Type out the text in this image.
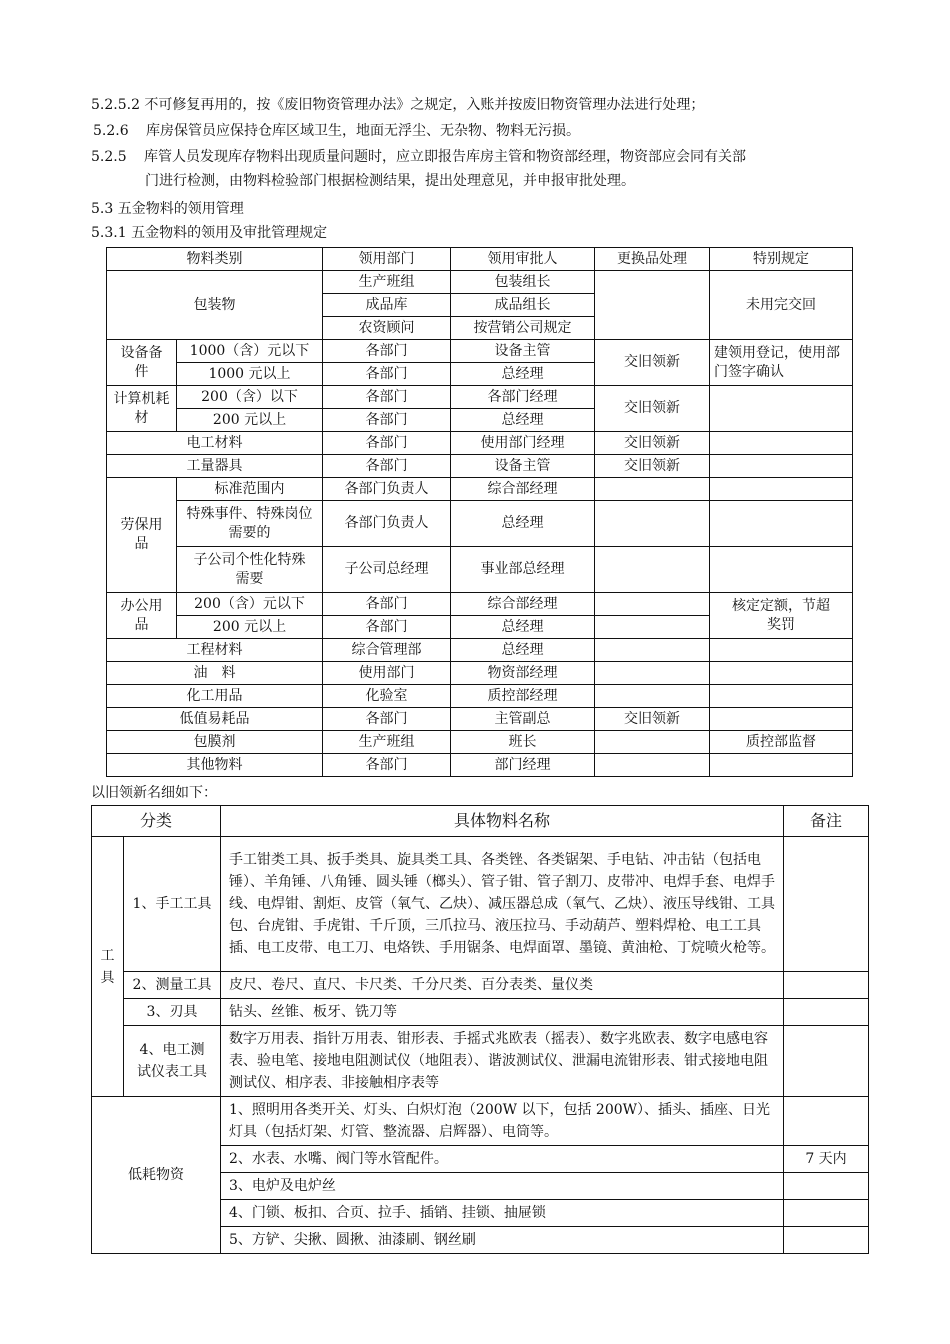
5.2.5.2 不可修复再用的，按《废旧物资管理办法》之规定，入账并按废旧物资管理办法进行处理；
5.2.6 库房保管员应保持仓库区域卫生，地面无浮尘、无杂物、物料无污损。
5.2.5 库管人员发现库存物料出现质量问题时，应立即报告库房主管和物资部经理，物资部应会同有关部
门进行检测，由物料检验部门根据检测结果，提出处理意见，并申报审批处理。
5.3 五金物料的领用管理
5.3.1 五金物料的领用及审批管理规定
物料类别		领用部门	领用审批人	更换品处理	特别规定
包装物		生产班组	包装组长		未用完交回
		成品库	成品组长		
		农资顾问	按营销公司规定		
设备备件	1000（含）元以下	各部门	设备主管	交旧领新	建领用登记，使用部门签字确认
	1000 元以上	各部门	总经理		
计算机耗材	200（含）以下	各部门	各部门经理	交旧领新	
	200 元以上	各部门	总经理		
电工材料		各部门	使用部门经理	交旧领新	
工量器具		各部门	设备主管	交旧领新	
劳保用品	标准范围内	各部门负责人	综合部经理		
	特殊事件、特殊岗位需要的	各部门负责人	总经理		
	子公司个性化特殊需要	子公司总经理	事业部总经理		
办公用品	200（含）元以下	各部门	综合部经理		核定定额，节超奖罚
	200 元以上	各部门	总经理		
工程材料		综合管理部	总经理		
油　料		使用部门	物资部经理		
化工用品		化验室	质控部经理		
低值易耗品		各部门	主管副总	交旧领新	
包膜剂		生产班组	班长		质控部监督
其他物料		各部门	部门经理		
以旧领新名细如下：
分类		具体物料名称	备注
工具	1、手工工具	手工钳类工具、扳手类具、旋具类工具、各类锉、各类锯架、手电钻、冲击钻（包括电锤）、羊角锤、八角锤、圆头锤（榔头）、管子钳、管子割刀、皮带冲、电焊手套、电焊手线、电焊钳、割炬、皮管（氧气、乙炔）、减压器总成（氧气、乙炔）、液压导线钳、工具包、台虎钳、手虎钳、千斤顶，三爪拉马、液压拉马、手动葫芦、塑料焊枪、电工工具插、电工皮带、电工刀、电烙铁、手用锯条、电焊面罩、墨镜、黄油枪、丁烷喷火枪等。	
	2、测量工具	皮尺、卷尺、直尺、卡尺类、千分尺类、百分表类、量仪类	
	3、刃具	钻头、丝锥、板牙、铣刀等	
	4、电工测试仪表工具	数字万用表、指针万用表、钳形表、手摇式兆欧表（摇表）、数字兆欧表、数字电感电容表、验电笔、接地电阻测试仪（地阻表）、谐波测试仪、泄漏电流钳形表、钳式接地电阻测试仪、相序表、非接触相序表等	
低耗物资		1、照明用各类开关、灯头、白炽灯泡（200W 以下，包括 200W）、插头、插座、日光灯具（包括灯架、灯管、整流器、启辉器）、电筒等。	
		2、水表、水嘴、阀门等水管配件。	7 天内
		3、电炉及电炉丝	
		4、门锁、板扣、合页、拉手、插销、挂锁、抽屉锁	
		5、方铲、尖揪、圆揪、油漆刷、钢丝刷	
